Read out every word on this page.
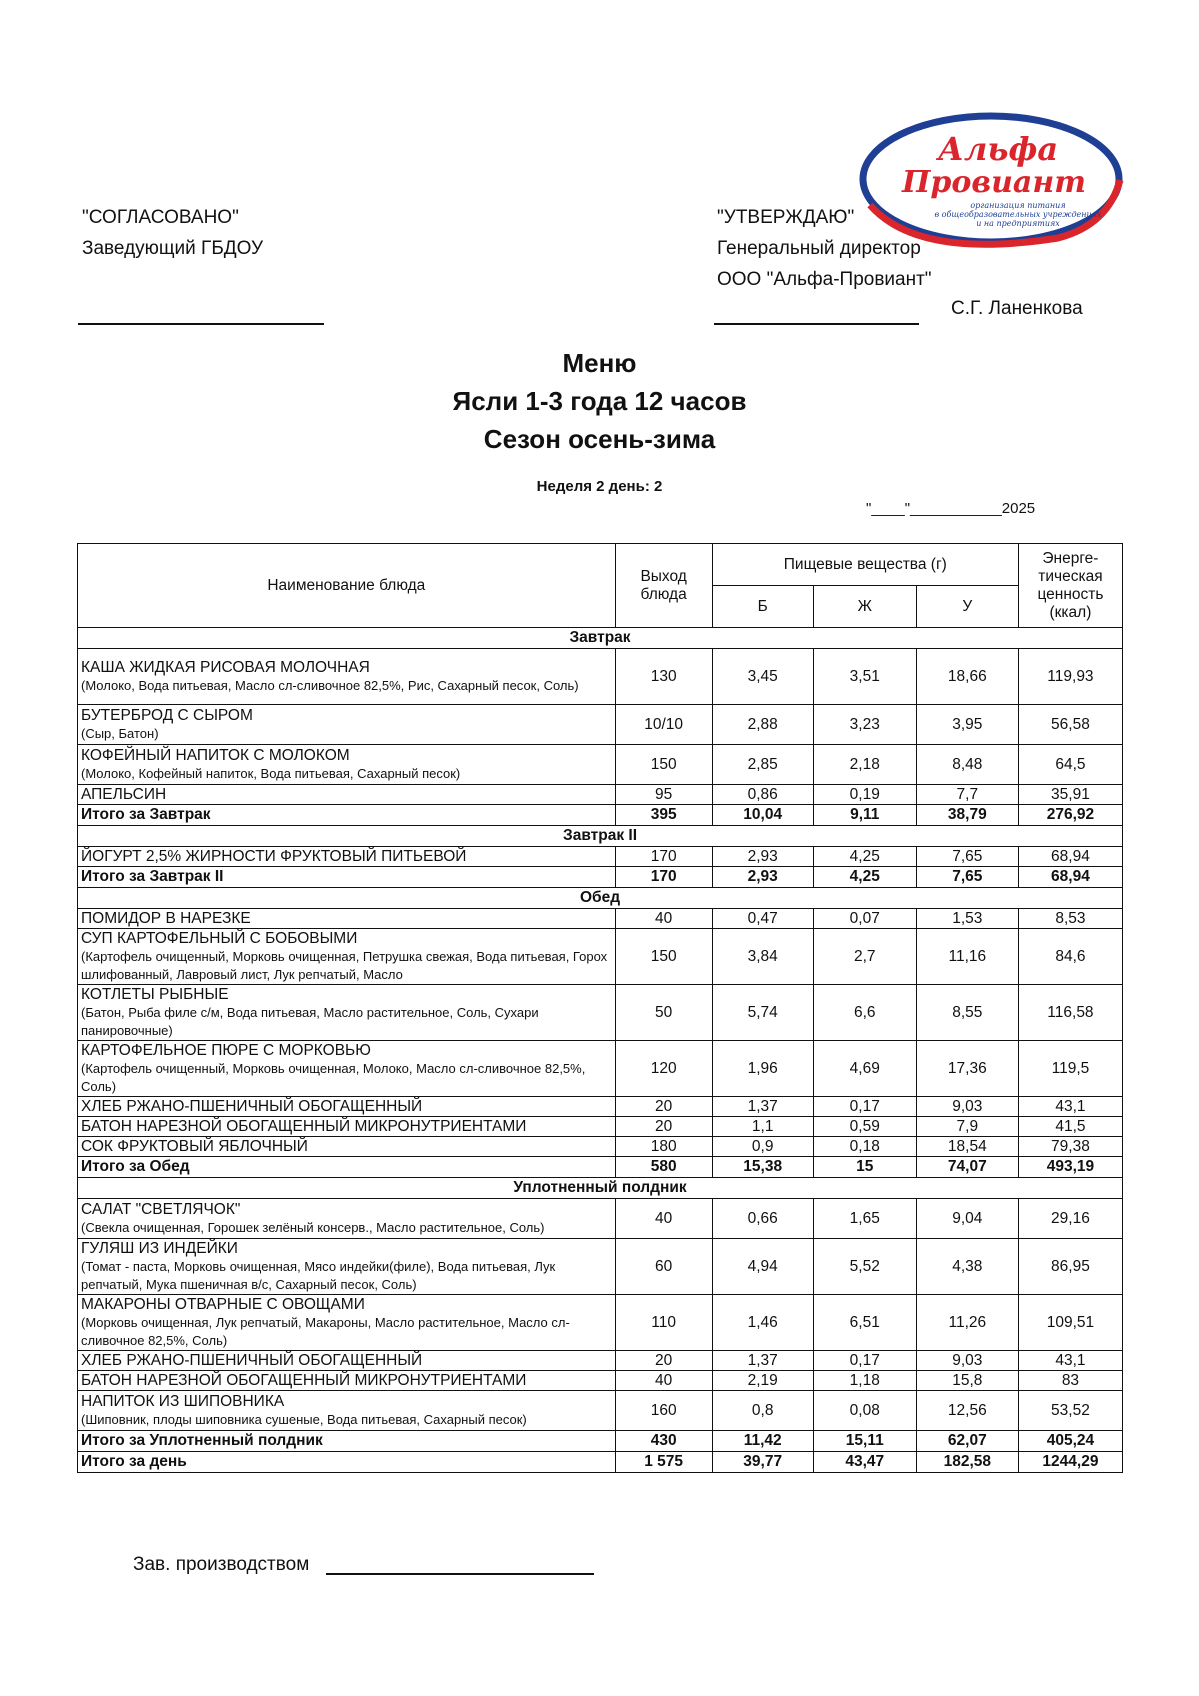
"СОГЛАСОВАНО"
Заведующий ГБДОУ
"УТВЕРЖДАЮ"
Генеральный директор
ООО "Альфа-Провиант"
С.Г. Ланенкова
Альфа
Провиант
организация питания
в общеобразовательных учреждениях
и на предприятиях
Меню
Ясли 1-3 года 12 часов
Сезон осень-зима
Неделя 2 день: 2
"____"___________2025
Наименование блюда	Выход блюда	Пищевые вещества (г)			Энерге-тическая ценность (ккал)
		Б	Ж	У	
Завтрак					

КАША ЖИДКАЯ РИСОВАЯ МОЛОЧНАЯ
(Молоко, Вода питьевая, Масло сл-сливочное 82,5%, Рис, Сахарный песок, Соль)	130	3,45	3,51	18,66	119,93

БУТЕРБРОД С СЫРОМ
(Сыр, Батон)	10/10	2,88	3,23	3,95	56,58

КОФЕЙНЫЙ НАПИТОК С МОЛОКОМ
(Молоко, Кофейный напиток, Вода питьевая, Сахарный песок)	150	2,85	2,18	8,48	64,5

АПЕЛЬСИН	95	0,86	0,19	7,7	35,91
Итого за Завтрак	395	10,04	9,11	38,79	276,92
Завтрак II					

ЙОГУРТ 2,5% ЖИРНОСТИ ФРУКТОВЫЙ ПИТЬЕВОЙ	170	2,93	4,25	7,65	68,94
Итого за Завтрак II	170	2,93	4,25	7,65	68,94
Обед					

ПОМИДОР В НАРЕЗКЕ	40	0,47	0,07	1,53	8,53

СУП КАРТОФЕЛЬНЫЙ С БОБОВЫМИ
(Картофель очищенный, Морковь очищенная, Петрушка свежая, Вода питьевая, Горох шлифованный, Лавровый лист, Лук репчатый, Масло	150	3,84	2,7	11,16	84,6

КОТЛЕТЫ РЫБНЫЕ
(Батон, Рыба филе с/м, Вода питьевая, Масло растительное, Соль, Сухари панировочные)	50	5,74	6,6	8,55	116,58

КАРТОФЕЛЬНОЕ ПЮРЕ С МОРКОВЬЮ
(Картофель очищенный, Морковь очищенная, Молоко, Масло сл-сливочное 82,5%, Соль)	120	1,96	4,69	17,36	119,5

ХЛЕБ РЖАНО-ПШЕНИЧНЫЙ ОБОГАЩЕННЫЙ	20	1,37	0,17	9,03	43,1

БАТОН НАРЕЗНОЙ ОБОГАЩЕННЫЙ МИКРОНУТРИЕНТАМИ	20	1,1	0,59	7,9	41,5

СОК ФРУКТОВЫЙ ЯБЛОЧНЫЙ	180	0,9	0,18	18,54	79,38
Итого за Обед	580	15,38	15	74,07	493,19
Уплотненный полдник					

САЛАТ "СВЕТЛЯЧОК"
(Свекла очищенная, Горошек зелёный консерв., Масло растительное, Соль)	40	0,66	1,65	9,04	29,16

ГУЛЯШ ИЗ ИНДЕЙКИ
(Томат - паста, Морковь очищенная, Мясо индейки(филе), Вода питьевая, Лук репчатый, Мука пшеничная в/с, Сахарный песок, Соль)	60	4,94	5,52	4,38	86,95

МАКАРОНЫ ОТВАРНЫЕ С ОВОЩАМИ
(Морковь очищенная, Лук репчатый, Макароны, Масло растительное, Масло сл-сливочное 82,5%, Соль)	110	1,46	6,51	11,26	109,51

ХЛЕБ РЖАНО-ПШЕНИЧНЫЙ ОБОГАЩЕННЫЙ	20	1,37	0,17	9,03	43,1

БАТОН НАРЕЗНОЙ ОБОГАЩЕННЫЙ МИКРОНУТРИЕНТАМИ	40	2,19	1,18	15,8	83

НАПИТОК ИЗ ШИПОВНИКА
(Шиповник, плоды шиповника сушеные, Вода питьевая, Сахарный песок)	160	0,8	0,08	12,56	53,52
Итого за Уплотненный полдник	430	11,42	15,11	62,07	405,24
Итого за день	1 575	39,77	43,47	182,58	1244,29
Зав. производством
